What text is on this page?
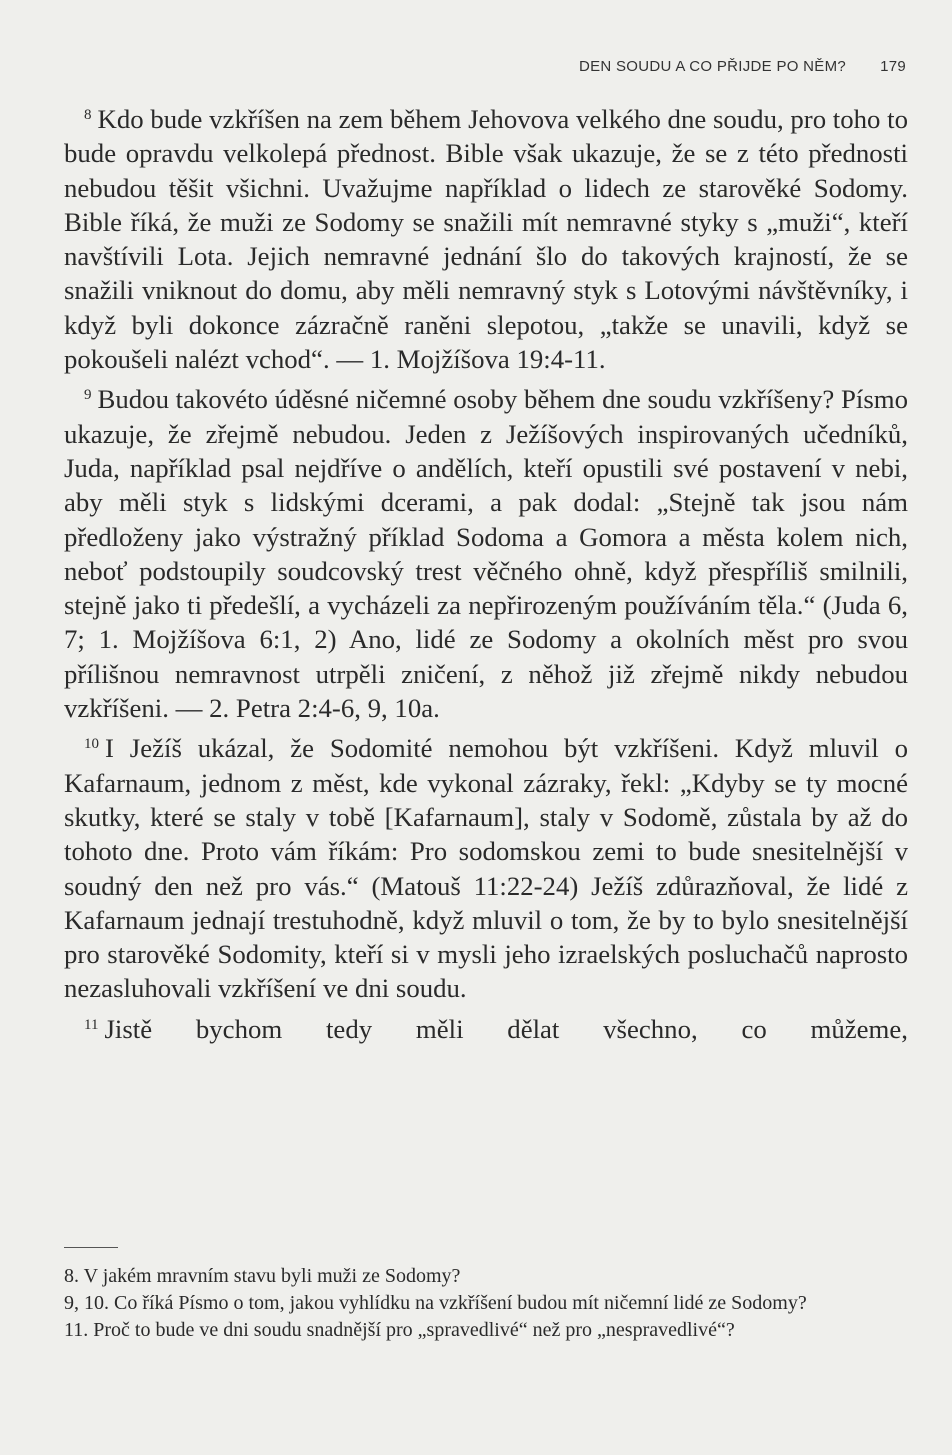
DEN SOUDU A CO PŘIJDE PO NĚM? 179

$^8$ Kdo bude vzkříšen na zem během Jehovova velkého dne soudu, pro toho to bude opravdu velkolepá přednost. Bible však ukazuje, že se z této přednosti nebudou těšit všichni. Uvažujme například o lidech ze starověké Sodomy. Bible říká, že muži ze Sodomy se snažili mít nemravné styky s „muži“, kteří navštívili Lota. Jejich nemravné jednání šlo do takových krajností, že se snažili vniknout do domu, aby měli nemravný styk s Lotovými návštěvníky, i když byli dokonce zázračně raněni slepotou, „takže se unavili, když se pokoušeli nalézt vchod“. — 1. Mojžíšova 19:4-11.

$^9$ Budou takovéto úděsné ničemné osoby během dne soudu vzkříšeny? Písmo ukazuje, že zřejmě nebudou. Jeden z Ježíšových inspirovaných učedníků, Juda, například psal nejdříve o andělích, kteří opustili své postavení v nebi, aby měli styk s lidskými dcerami, a pak dodal: „Stejně tak jsou nám předloženy jako výstražný příklad Sodoma a Gomora a města kolem nich, neboť podstoupily soudcovský trest věčného ohně, když přespříliš smilnili, stejně jako ti předešlí, a vycházeli za nepřirozeným používáním těla.“ (Juda 6, 7; 1. Mojžíšova 6:1, 2) Ano, lidé ze Sodomy a okolních měst pro svou přílišnou nemravnost utrpěli zničení, z něhož již zřejmě nikdy nebudou vzkříšeni. — 2. Petra 2:4-6, 9, 10a.

$^{10}$ I Ježíš ukázal, že Sodomité nemohou být vzkříšeni. Když mluvil o Kafarnaum, jednom z měst, kde vykonal zázraky, řekl: „Kdyby se ty mocné skutky, které se staly v tobě [Kafarnaum], staly v Sodomě, zůstala by až do tohoto dne. Proto vám říkám: Pro sodomskou zemi to bude snesitelnější v soudný den než pro vás.“ (Matouš 11:22-24) Ježíš zdůrazňoval, že lidé z Kafarnaum jednají trestuhodně, když mluvil o tom, že by to bylo snesitelnější pro starověké Sodomity, kteří si v mysli jeho izraelských posluchačů naprosto nezasluhovali vzkříšení ve dni soudu.

$^{11}$ Jistě bychom tedy měli dělat všechno, co můžeme,

8. V jakém mravním stavu byli muži ze Sodomy?

9, 10. Co říká Písmo o tom, jakou vyhlídku na vzkříšení budou mít ničemní lidé ze Sodomy?

11. Proč to bude ve dni soudu snadnější pro „spravedlivé“ než pro „nespravedlivé“?
